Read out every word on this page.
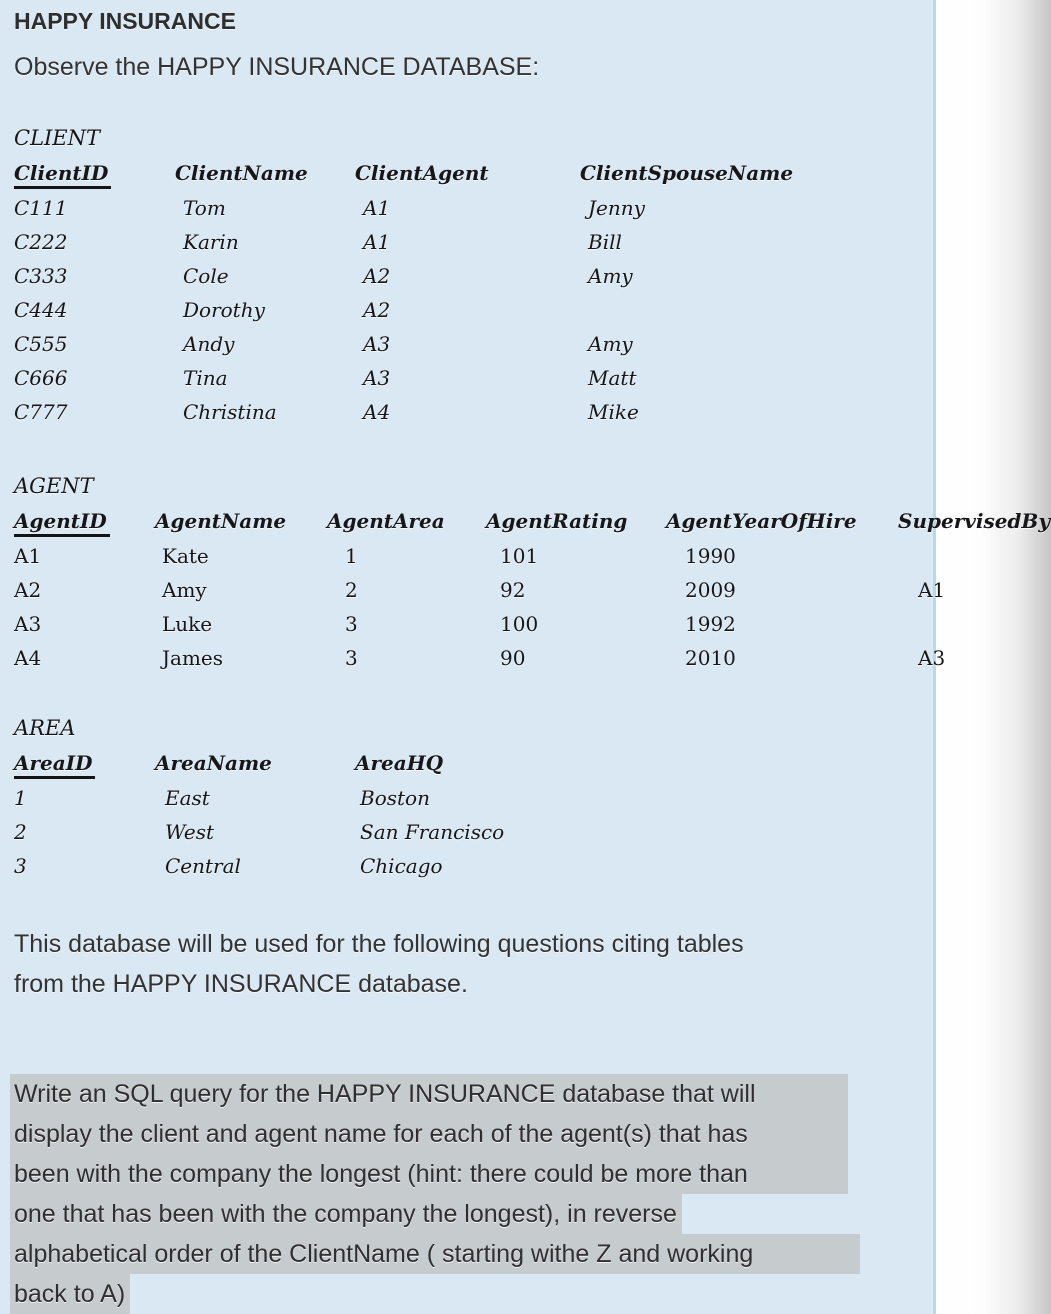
HAPPY INSURANCE

Observe the HAPPY INSURANCE DATABASE:

CLIENT
ClientID	ClientName	ClientAgent	ClientSpouseName
C111	Tom	A1	Jenny
C222	Karin	A1	Bill
C333	Cole	A2	Amy
C444	Dorothy	A2
C555	Andy	A3	Amy
C666	Tina	A3	Matt
C777	Christina	A4	Mike
AGENT
AgentID	AgentName	AgentArea	AgentRating	AgentYearOfHire	SupervisedBy
A1	Kate	1	101	1990
A2	Amy	2	92	2009	A1
A3	Luke	3	100	1992
A4	James	3	90	2010	A3
AREA
AreaID	AreaName	AreaHQ
1	East	Boston
2	West	San Francisco
3	Central	Chicago
This database will be used for the following questions citing tables
from the HAPPY INSURANCE database.
Write an SQL query for the HAPPY INSURANCE database that will
display the client and agent name for each of the agent(s) that has
been with the company the longest (hint: there could be more than
one that has been with the company the longest), in reverse
alphabetical order of the ClientName ( starting withe Z and working
back to A)
